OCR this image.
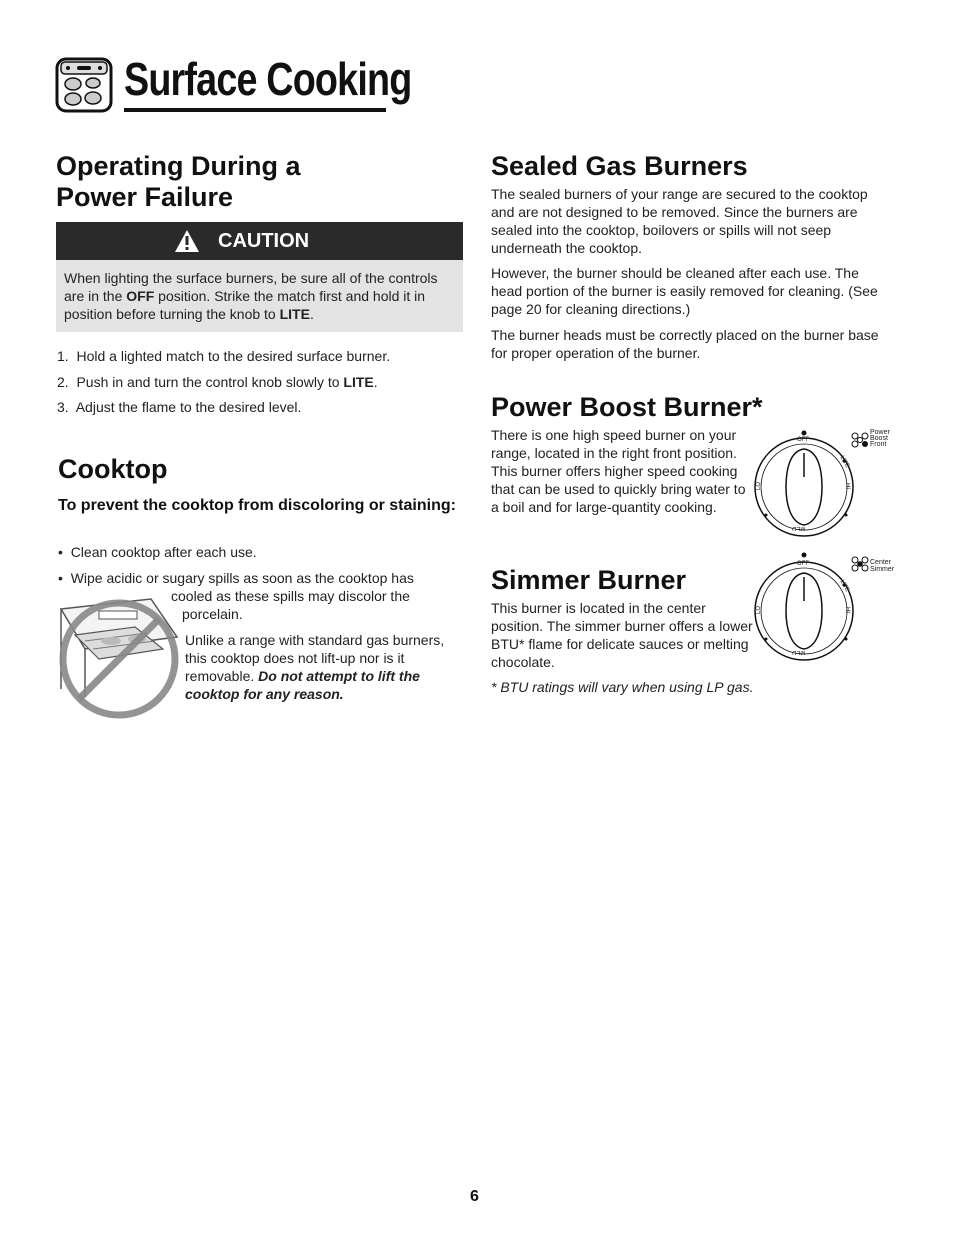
Surface Cooking
Operating During a
Power Failure
CAUTION

When lighting the surface burners, be sure all of the controls are in the OFF position. Strike the match first and hold it in position before turning the knob to LITE.

1. Hold a lighted match to the desired surface burner.
2. Push in and turn the control knob slowly to LITE.
3. Adjust the flame to the desired level.
Cooktop

To prevent the cooktop from discoloring or staining:

• Clean cooktop after each use.
• Wipe acidic or sugary spills as soon as the cooktop has
cooled as these spills may discolor the
porcelain.

Unlike a range with standard gas burners, this cooktop does not lift-up nor is it removable. Do not attempt to lift the cooktop for any reason.

Sealed Gas Burners

The sealed burners of your range are secured to the cooktop and are not designed to be removed. Since the burners are sealed into the cooktop, boilovers or spills will not seep underneath the cooktop.

However, the burner should be cleaned after each use. The head portion of the burner is easily removed for cleaning. (See page 20 for cleaning directions.)

The burner heads must be correctly placed on the burner base for proper operation of the burner.

Power Boost Burner*

There is one high speed burner on your range, located in the right front position. This burner offers higher speed cooking that can be used to quickly bring water to a boil and for large-quantity cooking.

OFF
LITE
HI
LO
MED
Power
Boost
Front
Simmer Burner

This burner is located in the center position. The simmer burner offers a lower BTU* flame for delicate sauces or melting chocolate.

* BTU ratings will vary when using LP gas.

OFF
LITE
HI
LO
MED
Center
Simmer
6
